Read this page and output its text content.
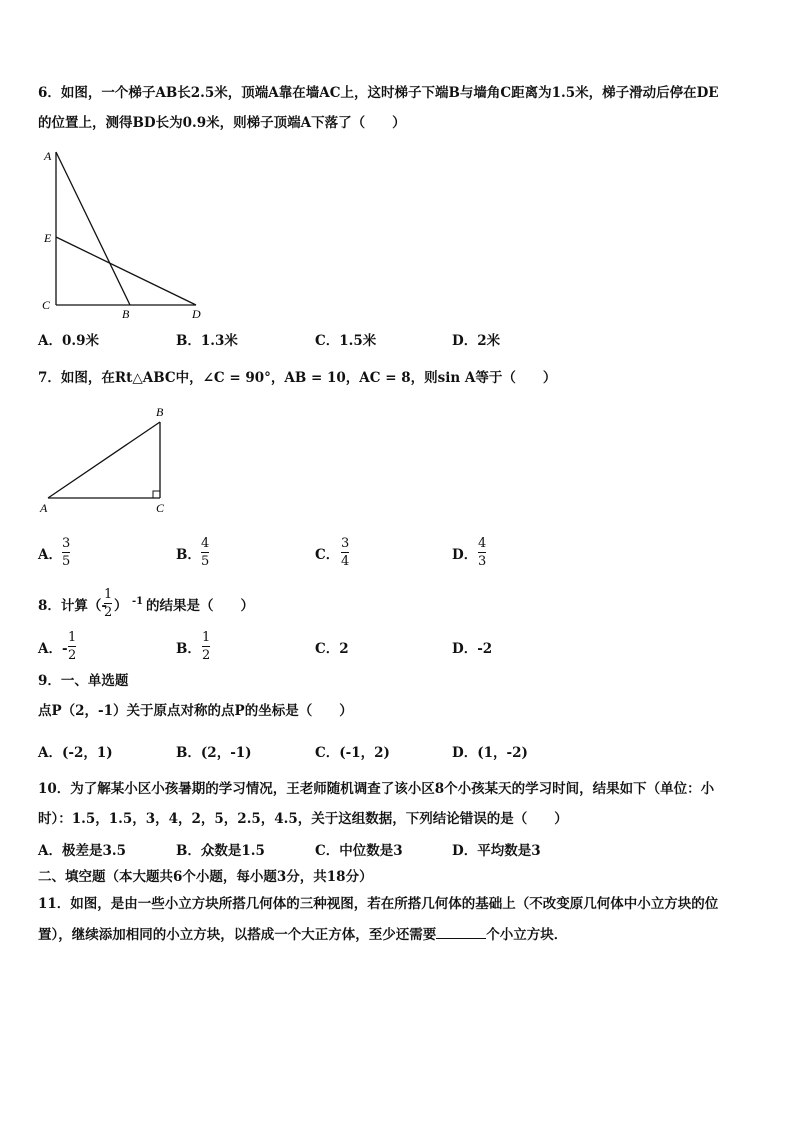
6．如图，一个梯子AB长2.5米，顶端A靠在墙AC上，这时梯子下端B与墙角C距离为1.5米，梯子滑动后停在DE
的位置上，测得BD长为0.9米，则梯子顶端A下落了（　　）
A
E
C
B	D
A．0.9米	B．1.3米	C．1.5米	D．2米
7．如图，在Rt△ABC中，∠C = 90°，AB = 10，AC = 8，则sin A等于（　　）
B
A	C
A．
3
5	B．
4
5	C．
3
4	D．
4
3
8．计算（-
1
2 ） -1 的结果是（　　）
A．-
1
2	B．
1
2	C．2	D．-2
9．一、单选题
点P（2，-1）关于原点对称的点P的坐标是（　　）
A．(-2，1)	B．(2，-1)	C．(-1，2)	D．(1，-2)
10．为了解某小区小孩暑期的学习情况，王老师随机调查了该小区8个小孩某天的学习时间，结果如下（单位：小
时）：1.5，1.5，3，4，2，5，2.5，4.5，关于这组数据，下列结论错误的是（　　）
A．极差是3.5	B．众数是1.5	C．中位数是3	D．平均数是3
二、填空题（本大题共6个小题，每小题3分，共18分）
11．如图，是由一些小立方块所搭几何体的三种视图，若在所搭几何体的基础上（不改变原几何体中小立方块的位
置），继续添加相同的小立方块，以搭成一个大正方体，至少还需要	个小立方块．
